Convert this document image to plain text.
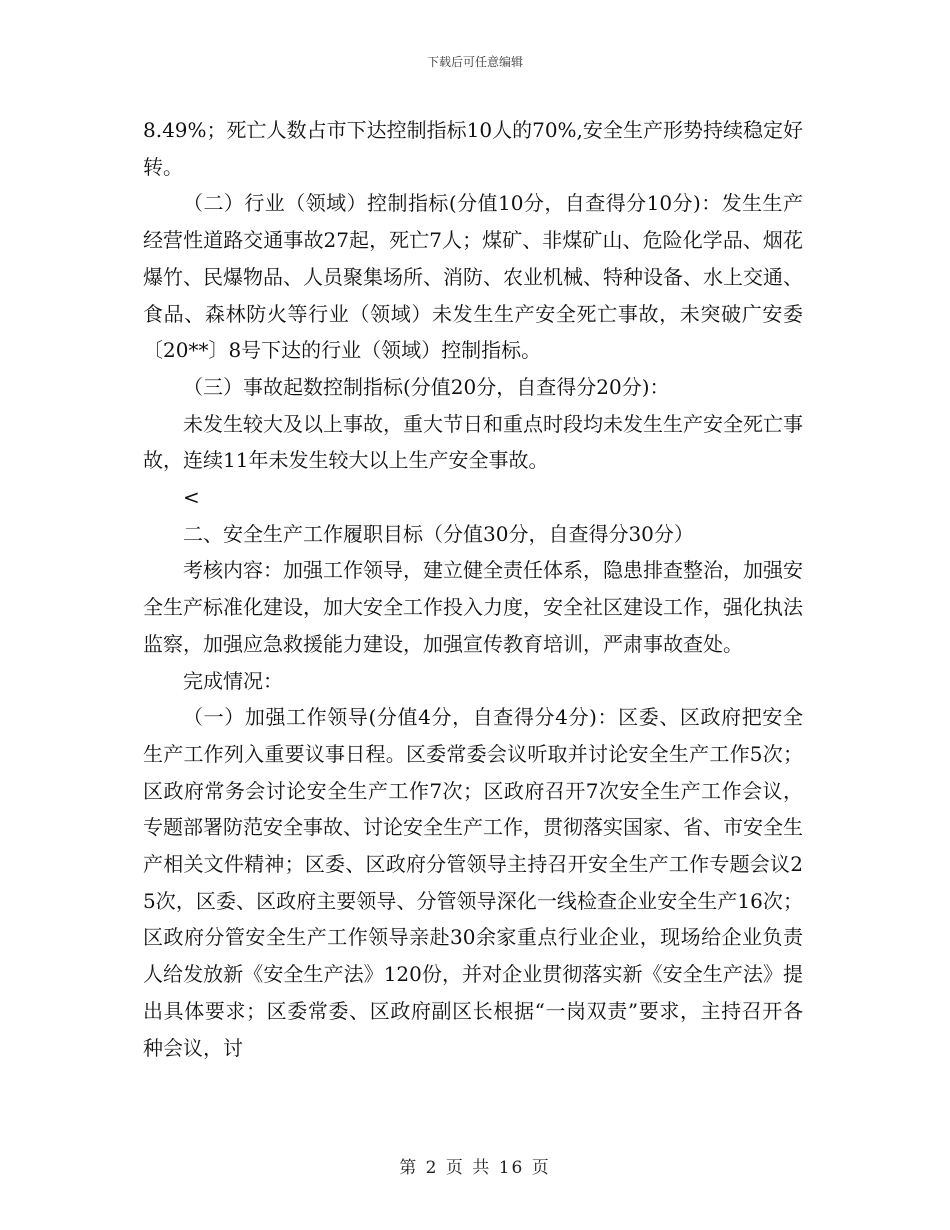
下载后可任意编辑

8.49%；死亡人数占市下达控制指标10人的70%,安全生产形势持续稳定好转。

（二）行业（领域）控制指标(分值10分，自查得分10分)：发生生产经营性道路交通事故27起，死亡7人；煤矿、非煤矿山、危险化学品、烟花爆竹、民爆物品、人员聚集场所、消防、农业机械、特种设备、水上交通、食品、森林防火等行业（领域）未发生生产安全死亡事故，未突破广安委〔20**〕8号下达的行业（领域）控制指标。

（三）事故起数控制指标(分值20分，自查得分20分)：

未发生较大及以上事故，重大节日和重点时段均未发生生产安全死亡事故，连续11年未发生较大以上生产安全事故。

<

二、安全生产工作履职目标（分值30分，自查得分30分）

考核内容：加强工作领导，建立健全责任体系，隐患排查整治，加强安全生产标准化建设，加大安全工作投入力度，安全社区建设工作，强化执法监察，加强应急救援能力建设，加强宣传教育培训，严肃事故查处。

完成情况：

（一）加强工作领导(分值4分，自查得分4分)：区委、区政府把安全生产工作列入重要议事日程。区委常委会议听取并讨论安全生产工作5次；区政府常务会讨论安全生产工作7次；区政府召开7次安全生产工作会议，专题部署防范安全事故、讨论安全生产工作，贯彻落实国家、省、市安全生产相关文件精神；区委、区政府分管领导主持召开安全生产工作专题会议25次，区委、区政府主要领导、分管领导深化一线检查企业安全生产16次；区政府分管安全生产工作领导亲赴30余家重点行业企业，现场给企业负责人给发放新《安全生产法》120份，并对企业贯彻落实新《安全生产法》提出具体要求；区委常委、区政府副区长根据“一岗双责”要求，主持召开各种会议，讨

第 2 页 共 16 页
